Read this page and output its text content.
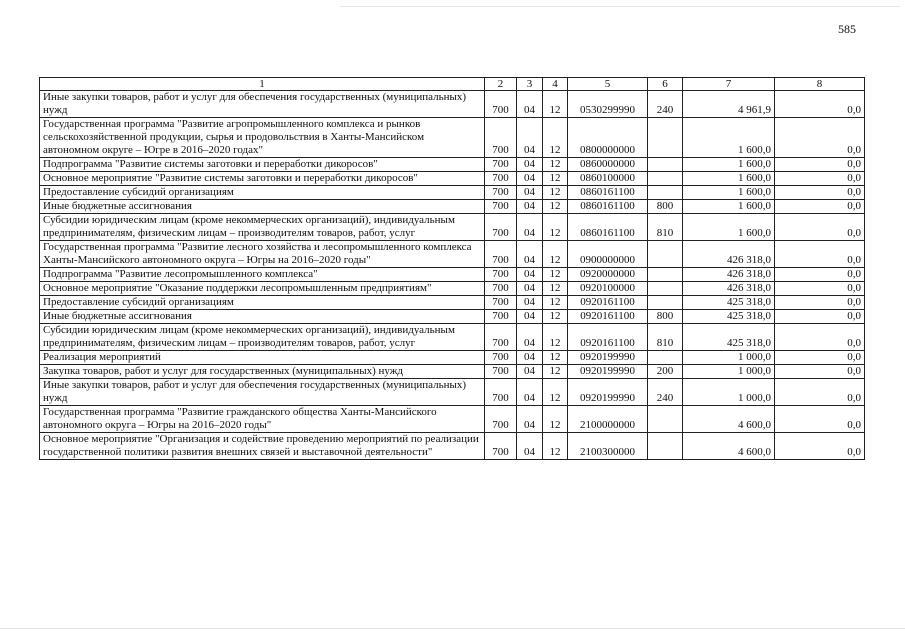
585
1	2	3	4	5	6	7	8
Иные закупки товаров, работ и услуг для обеспечения государственных (муниципальных) нужд	700	04	12	0530299990	240	4 961,9	0,0
Государственная программа "Развитие агропромышленного комплекса и рынков сельскохозяйственной продукции, сырья и продовольствия в Ханты-Мансийском автономном округе – Югре в 2016–2020 годах"	700	04	12	0800000000		1 600,0	0,0
Подпрограмма "Развитие системы заготовки и переработки дикоросов"	700	04	12	0860000000		1 600,0	0,0
Основное мероприятие "Развитие системы заготовки и переработки дикоросов"	700	04	12	0860100000		1 600,0	0,0
Предоставление субсидий организациям	700	04	12	0860161100		1 600,0	0,0
Иные бюджетные ассигнования	700	04	12	0860161100	800	1 600,0	0,0
Субсидии юридическим лицам (кроме некоммерческих организаций), индивидуальным предпринимателям, физическим лицам – производителям товаров, работ, услуг	700	04	12	0860161100	810	1 600,0	0,0
Государственная программа "Развитие лесного хозяйства и лесопромышленного комплекса Ханты-Мансийского автономного округа – Югры на 2016–2020 годы"	700	04	12	0900000000		426 318,0	0,0
Подпрограмма "Развитие лесопромышленного комплекса"	700	04	12	0920000000		426 318,0	0,0
Основное мероприятие "Оказание поддержки лесопромышленным предприятиям"	700	04	12	0920100000		426 318,0	0,0
Предоставление субсидий организациям	700	04	12	0920161100		425 318,0	0,0
Иные бюджетные ассигнования	700	04	12	0920161100	800	425 318,0	0,0
Субсидии юридическим лицам (кроме некоммерческих организаций), индивидуальным предпринимателям, физическим лицам – производителям товаров, работ, услуг	700	04	12	0920161100	810	425 318,0	0,0
Реализация мероприятий	700	04	12	0920199990		1 000,0	0,0
Закупка товаров, работ и услуг для государственных (муниципальных) нужд	700	04	12	0920199990	200	1 000,0	0,0
Иные закупки товаров, работ и услуг для обеспечения государственных (муниципальных) нужд	700	04	12	0920199990	240	1 000,0	0,0
Государственная программа "Развитие гражданского общества Ханты-Мансийского автономного округа – Югры на 2016–2020 годы"	700	04	12	2100000000		4 600,0	0,0
Основное мероприятие "Организация и содействие проведению мероприятий по реализации государственной политики развития внешних связей и выставочной деятельности"	700	04	12	2100300000		4 600,0	0,0
